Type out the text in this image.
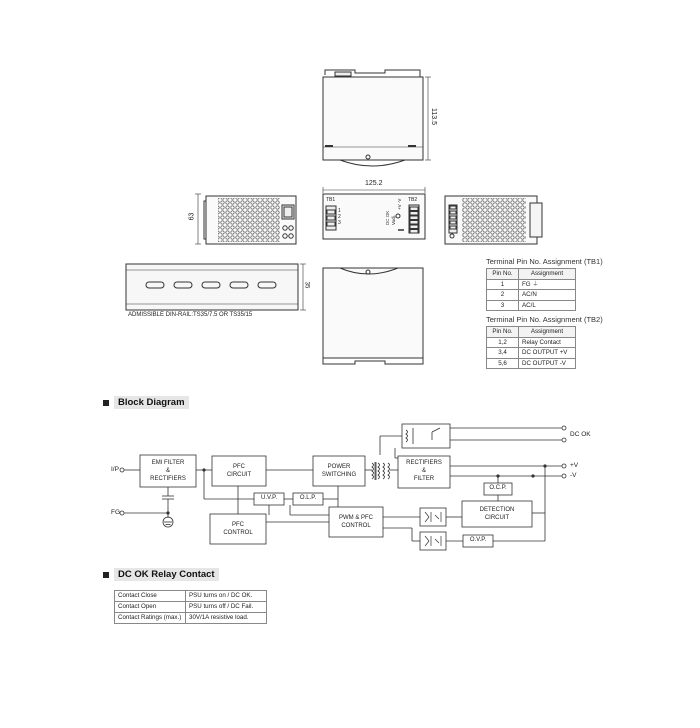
DC OK Vadj.
+V -V
113.5
125.2
63
35
TB1	TB2
1
2
3
ADMISSIBLE DIN-RAIL:TS35/7.5 OR TS35/15
Terminal Pin No. Assignment (TB1)
Pin No.	Assignment
1	FG ⏚
2	AC/N
3	AC/L
Terminal Pin No. Assignment (TB2)
Pin No.	Assignment
1,2	Relay Contact
3,4	DC OUTPUT +V
5,6	DC OUTPUT -V
Block Diagram
I/P
FG
EMI FILTER
&
RECTIFIERS
PFC
CIRCUIT
POWER
SWITCHING
RECTIFIERS
&
FILTER
U.V.P.	O.L.P.
O.C.P.
PFC
CONTROL
PWM & PFC
CONTROL
DETECTION
CIRCUIT
O.V.P.
DC OK
+V
-V
DC OK Relay Contact
Contact Close	PSU turns on / DC OK.
Contact Open	PSU turns off / DC Fail.
Contact Ratings (max.)	30V/1A resistive load.
